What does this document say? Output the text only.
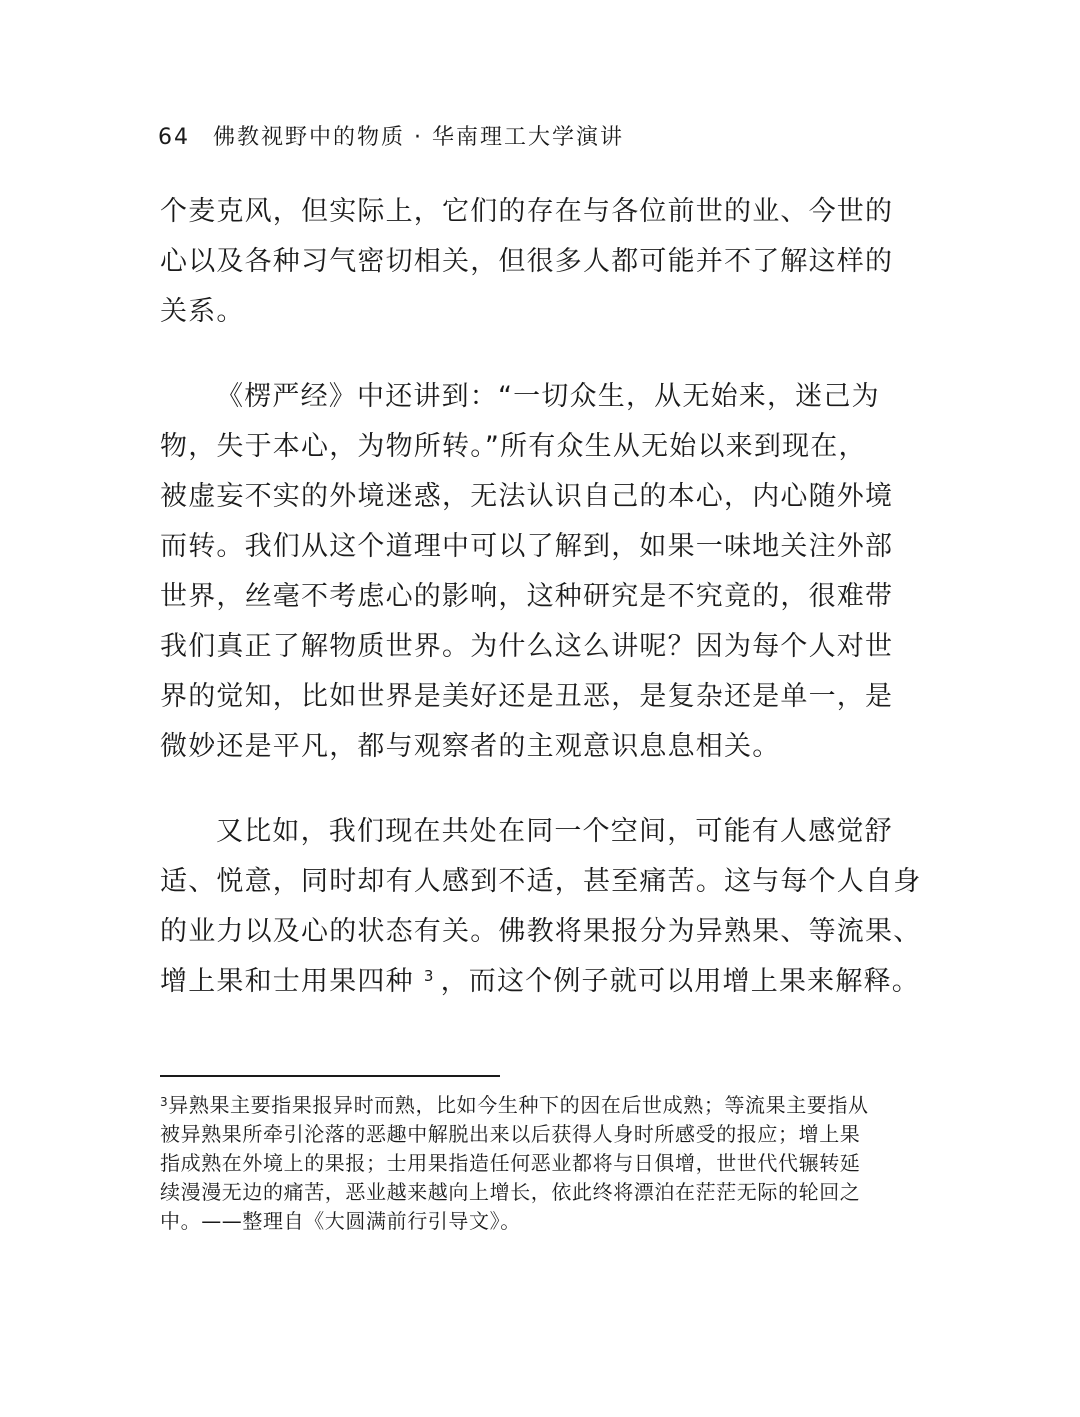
64 佛教视野中的物质 · 华南理工大学演讲
个麦克风，但实际上，它们的存在与各位前世的业、今世的
心以及各种习气密切相关，但很多人都可能并不了解这样的
关系。
《楞严经》中还讲到：“一切众生，从无始来，迷己为
物，失于本心，为物所转。”所有众生从无始以来到现在，
被虚妄不实的外境迷惑，无法认识自己的本心，内心随外境
而转。我们从这个道理中可以了解到，如果一味地关注外部
世界，丝毫不考虑心的影响，这种研究是不究竟的，很难带
我们真正了解物质世界。为什么这么讲呢？因为每个人对世
界的觉知，比如世界是美好还是丑恶，是复杂还是单一，是
微妙还是平凡，都与观察者的主观意识息息相关。
又比如，我们现在共处在同一个空间，可能有人感觉舒
适、悦意，同时却有人感到不适，甚至痛苦。这与每个人自身
的业力以及心的状态有关。佛教将果报分为异熟果、等流果、
增上果和士用果四种 $^3$ ，而这个例子就可以用增上果来解释。
$^3$异熟果主要指果报异时而熟，比如今生种下的因在后世成熟；等流果主要指从
被异熟果所牵引沦落的恶趣中解脱出来以后获得人身时所感受的报应；增上果
指成熟在外境上的果报；士用果指造任何恶业都将与日俱增，世世代代辗转延
续漫漫无边的痛苦，恶业越来越向上增长，依此终将漂泊在茫茫无际的轮回之
中。——整理自《大圆满前行引导文》。
